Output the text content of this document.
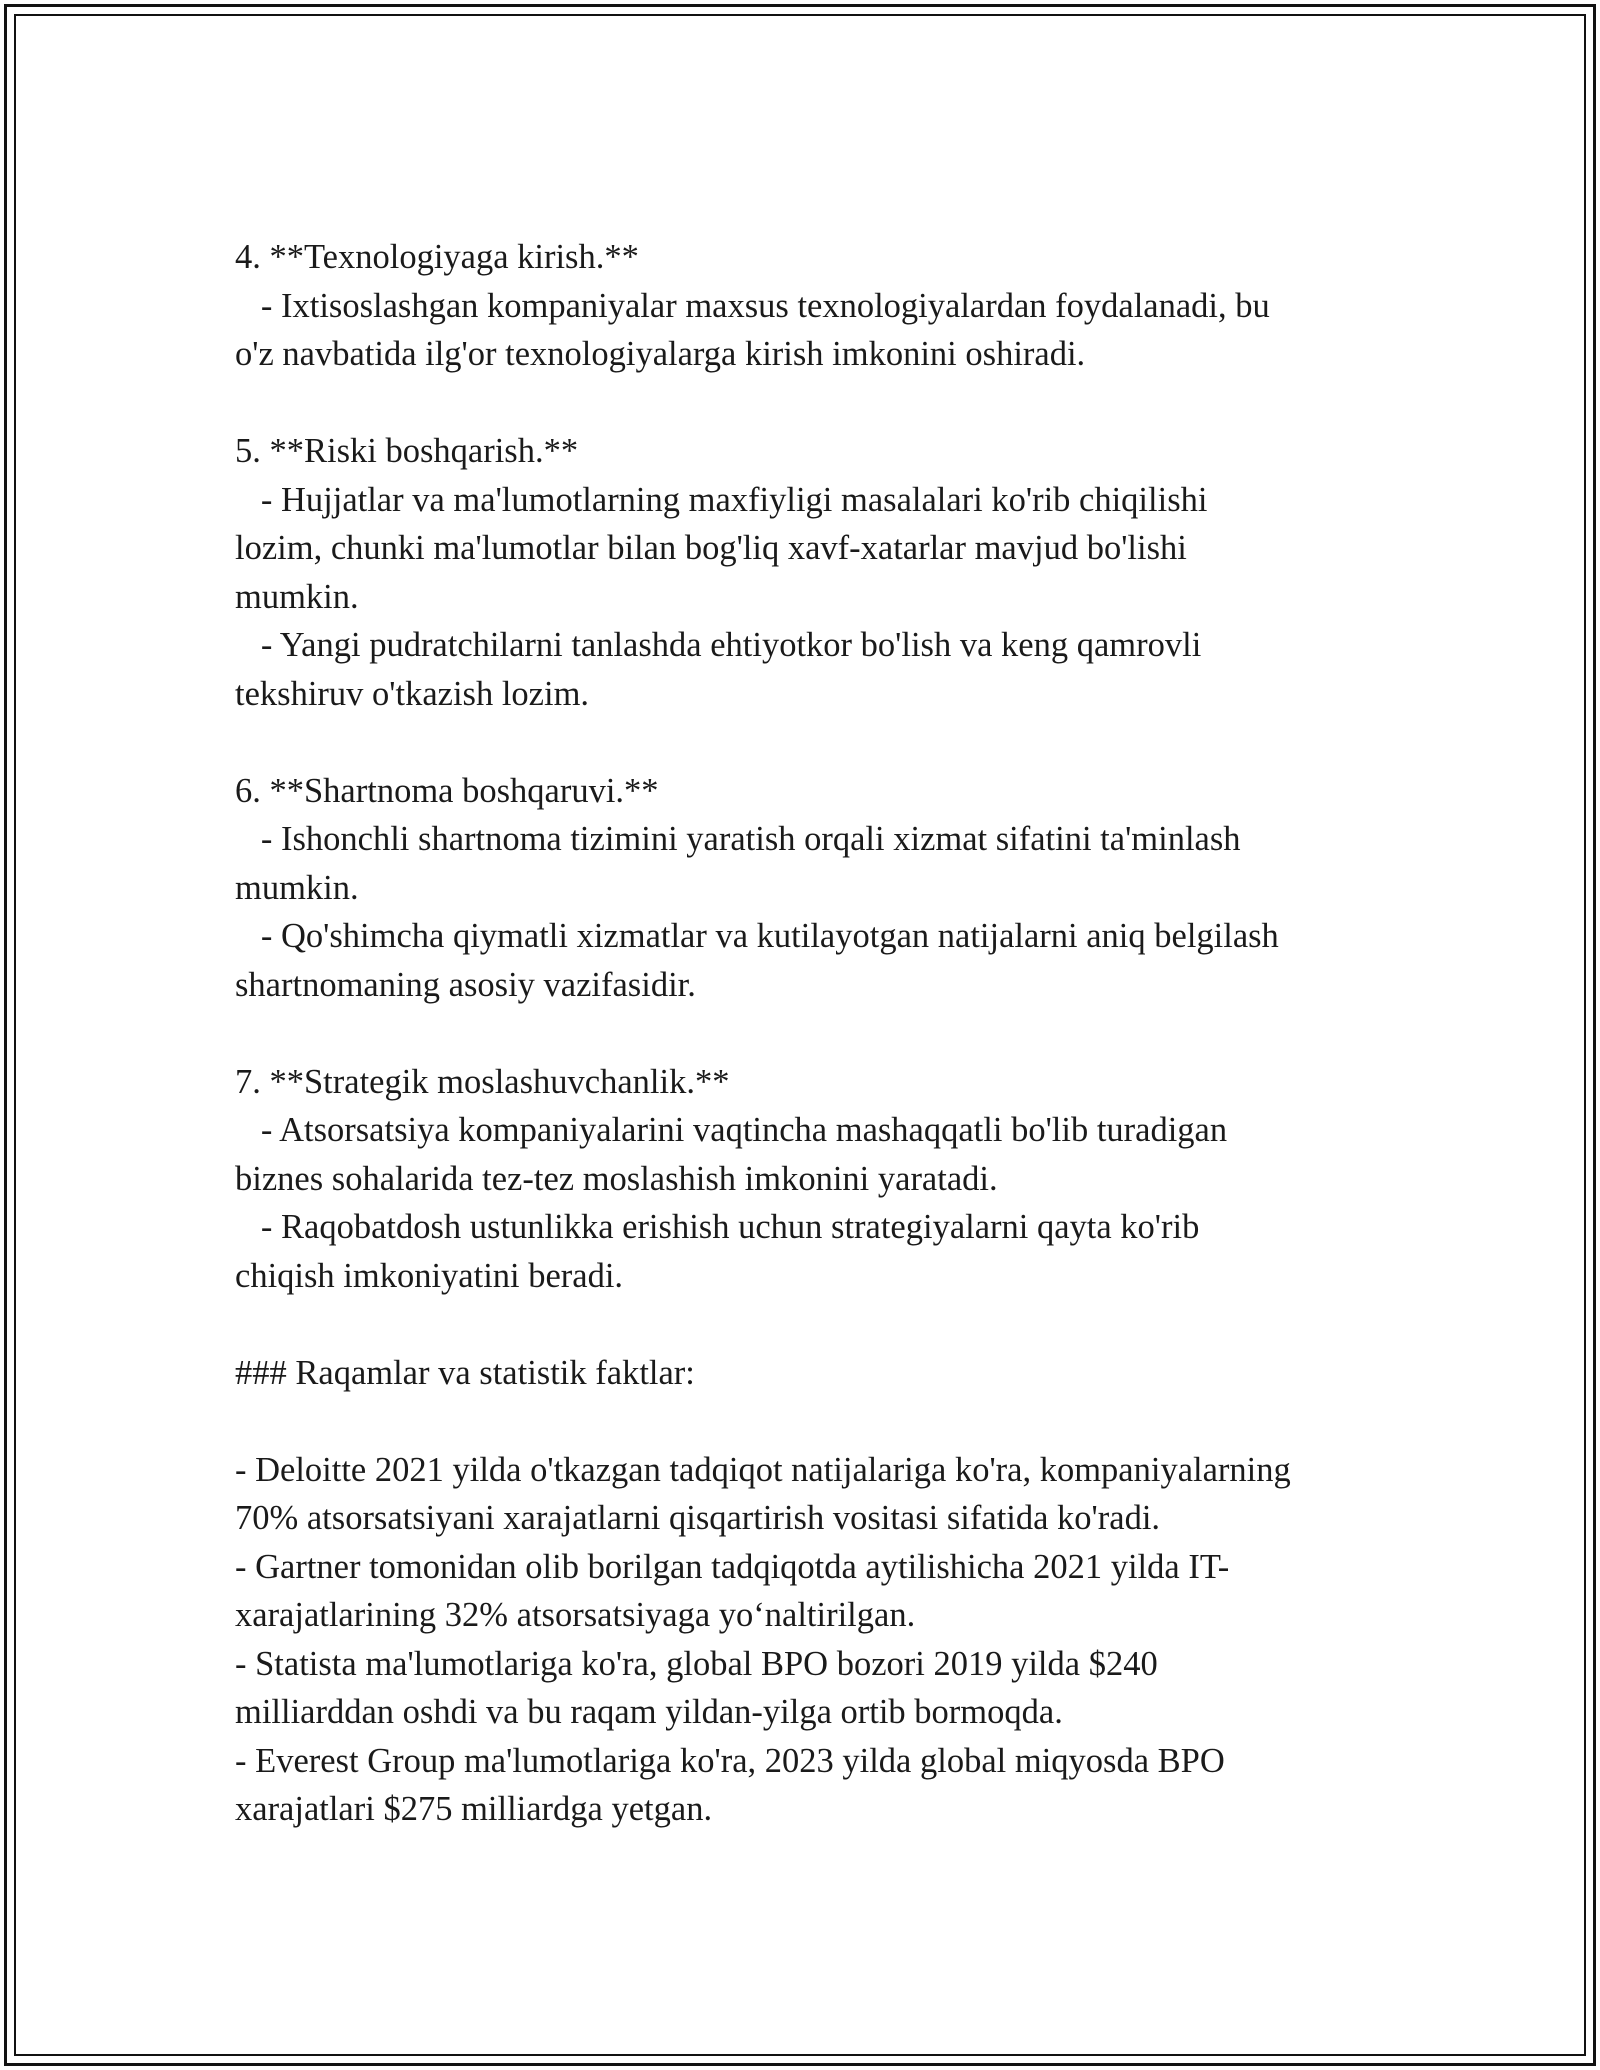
4. **Texnologiyaga kirish.**
- Ixtisoslashgan kompaniyalar maxsus texnologiyalardan foydalanadi, bu
o'z navbatida ilg'or texnologiyalarga kirish imkonini oshiradi.
5. **Riski boshqarish.**
- Hujjatlar va ma'lumotlarning maxfiyligi masalalari ko'rib chiqilishi
lozim, chunki ma'lumotlar bilan bog'liq xavf-xatarlar mavjud bo'lishi
mumkin.
- Yangi pudratchilarni tanlashda ehtiyotkor bo'lish va keng qamrovli
tekshiruv o'tkazish lozim.
6. **Shartnoma boshqaruvi.**
- Ishonchli shartnoma tizimini yaratish orqali xizmat sifatini ta'minlash
mumkin.
- Qo'shimcha qiymatli xizmatlar va kutilayotgan natijalarni aniq belgilash
shartnomaning asosiy vazifasidir.
7. **Strategik moslashuvchanlik.**
- Atsorsatsiya kompaniyalarini vaqtincha mashaqqatli bo'lib turadigan
biznes sohalarida tez-tez moslashish imkonini yaratadi.
- Raqobatdosh ustunlikka erishish uchun strategiyalarni qayta ko'rib
chiqish imkoniyatini beradi.
### Raqamlar va statistik faktlar:
- Deloitte 2021 yilda o'tkazgan tadqiqot natijalariga ko'ra, kompaniyalarning
70% atsorsatsiyani xarajatlarni qisqartirish vositasi sifatida ko'radi.
- Gartner tomonidan olib borilgan tadqiqotda aytilishicha 2021 yilda IT-
xarajatlarining 32% atsorsatsiyaga yoʻnaltirilgan.
- Statista ma'lumotlariga ko'ra, global BPO bozori 2019 yilda $240
milliarddan oshdi va bu raqam yildan-yilga ortib bormoqda.
- Everest Group ma'lumotlariga ko'ra, 2023 yilda global miqyosda BPO
xarajatlari $275 milliardga yetgan.
